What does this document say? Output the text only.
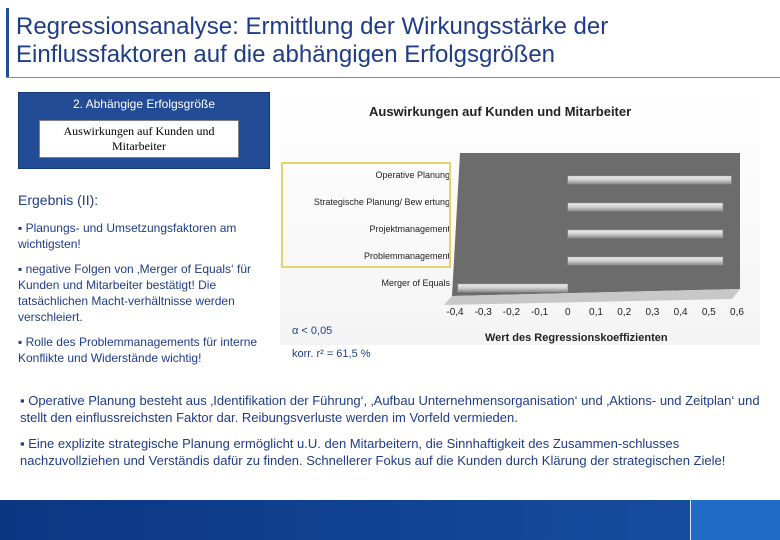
Regressionsanalyse: Ermittlung der Wirkungsstärke der Einflussfaktoren auf die abhängigen Erfolgsgrößen
2. Abhängige Erfolgsgröße
Auswirkungen auf Kunden und Mitarbeiter
Ergebnis (II):
▪ Planungs- und Umsetzungsfaktoren am wichtigsten!
▪ negative Folgen von ‚Merger of Equals‘ für Kunden und Mitarbeiter bestätigt! Die tatsächlichen Macht-verhältnisse werden verschleiert.
▪ Rolle des Problemmanagements für interne Konflikte und Widerstände wichtig!
Auswirkungen auf Kunden und Mitarbeiter
Wert des Regressionskoeffizienten
Operative Planung
Strategische Planung/ Bew ertung
Projektmanagement
Problemmanagement
Merger of Equals
-0,4 -0,3 -0,2 -0,1 0 0,1 0,2 0,3 0,4 0,5 0,6
α < 0,05
korr. r² = 61,5 %
▪ Operative Planung besteht aus ‚Identifikation der Führung‘, ‚Aufbau Unternehmensorganisation‘ und ‚Aktions- und Zeitplan‘ und stellt den einflussreichsten Faktor dar. Reibungsverluste werden im Vorfeld vermieden.
▪ Eine explizite strategische Planung ermöglicht u.U. den Mitarbeitern, die Sinnhaftigkeit des Zusammen-schlusses nachzuvollziehen und Verständis dafür zu finden. Schnellerer Fokus auf die Kunden durch Klärung der strategischen Ziele!
